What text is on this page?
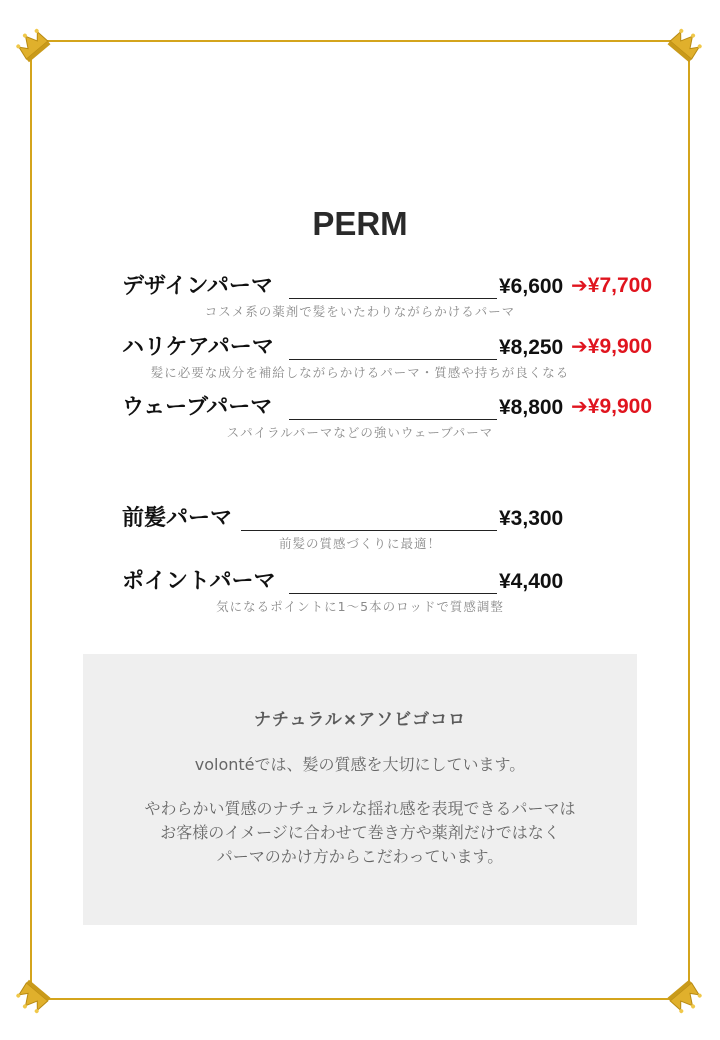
PERM
デザインパーマ	¥6,600 ➔¥7,700
コスメ系の薬剤で髪をいたわりながらかけるパーマ
ハリケアパーマ	¥8,250 ➔¥9,900
髪に必要な成分を補給しながらかけるパーマ・質感や持ちが良くなる
ウェーブパーマ	¥8,800 ➔¥9,900
スパイラルパーマなどの強いウェーブパーマ
前髪パーマ	¥3,300
前髪の質感づくりに最適！
ポイントパーマ	¥4,400
気になるポイントに1〜5本のロッドで質感調整
ナチュラル×アソビゴコロ
volontéでは、髪の質感を大切にしています。
やわらかい質感のナチュラルな揺れ感を表現できるパーマは
お客様のイメージに合わせて巻き方や薬剤だけではなく
パーマのかけ方からこだわっています。
